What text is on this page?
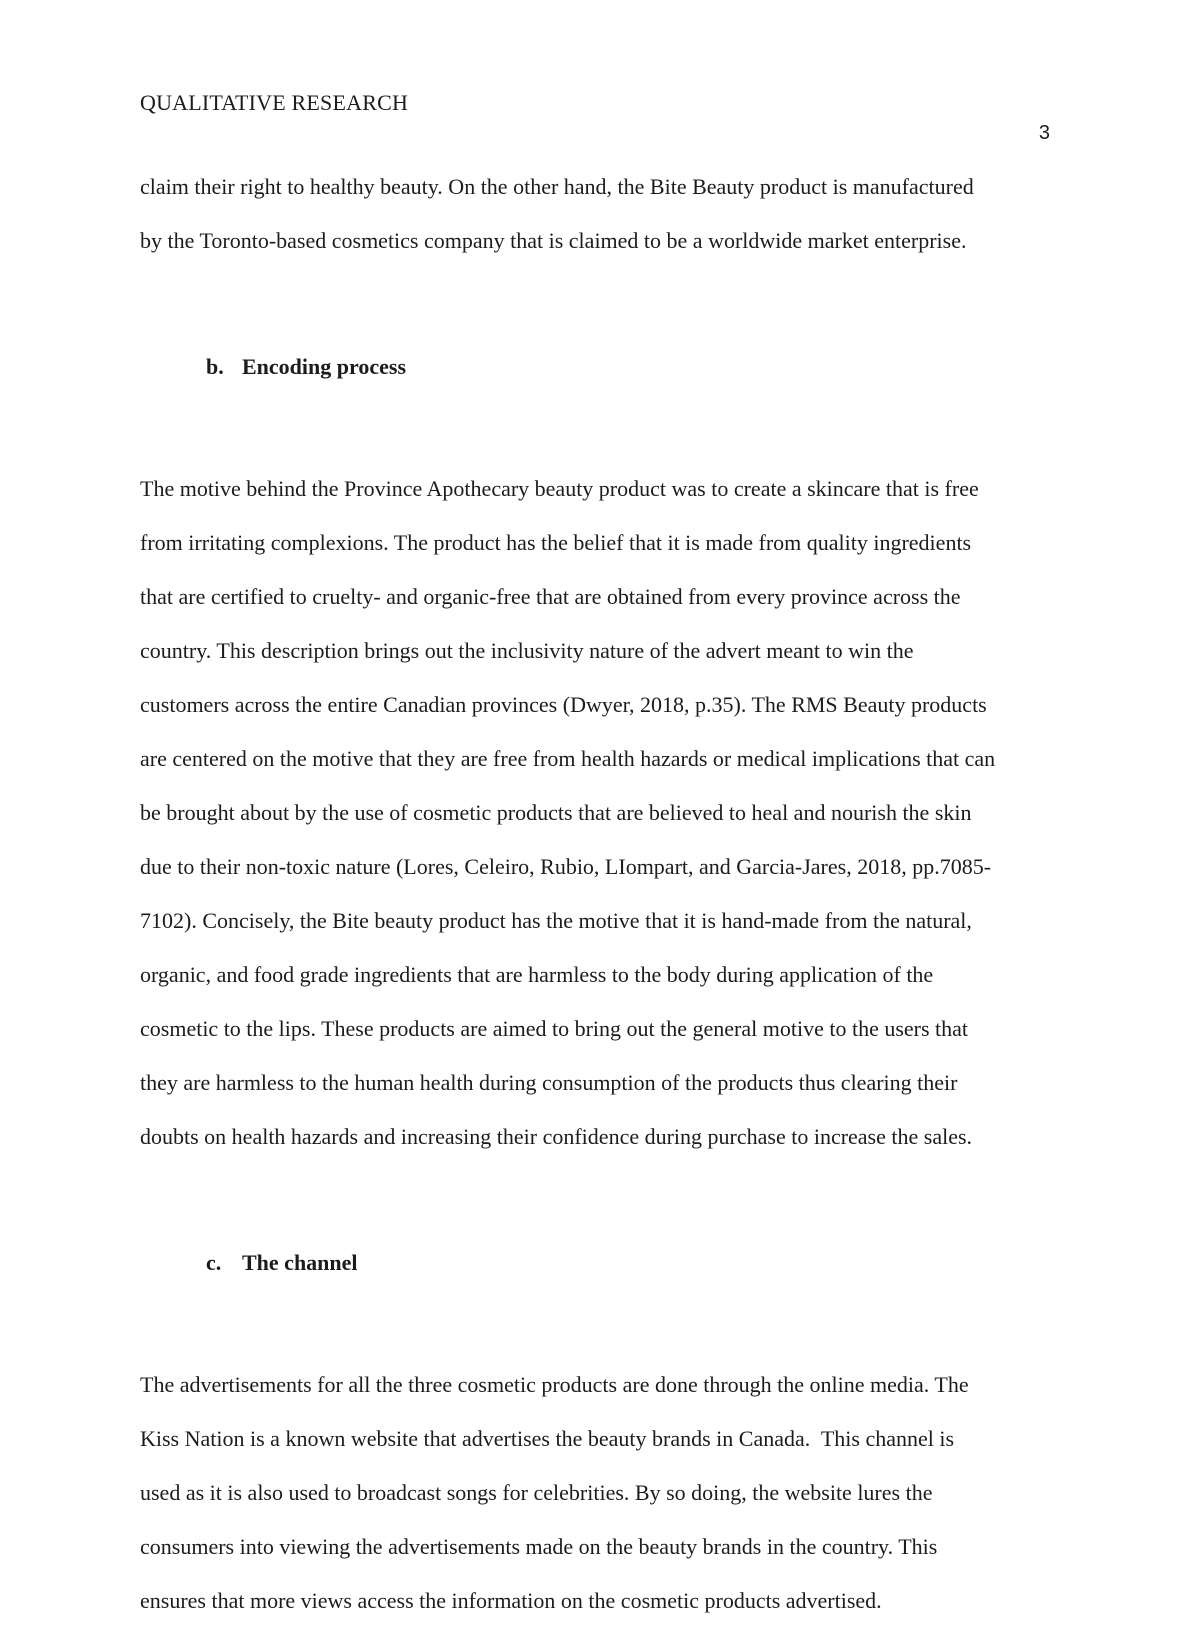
QUALITATIVE RESEARCH
3
claim their right to healthy beauty. On the other hand, the Bite Beauty product is manufactured
by the Toronto-based cosmetics company that is claimed to be a worldwide market enterprise.

b. Encoding process

The motive behind the Province Apothecary beauty product was to create a skincare that is free
from irritating complexions. The product has the belief that it is made from quality ingredients
that are certified to cruelty- and organic-free that are obtained from every province across the
country. This description brings out the inclusivity nature of the advert meant to win the
customers across the entire Canadian provinces (Dwyer, 2018, p.35). The RMS Beauty products
are centered on the motive that they are free from health hazards or medical implications that can
be brought about by the use of cosmetic products that are believed to heal and nourish the skin
due to their non-toxic nature (Lores, Celeiro, Rubio, LIompart, and Garcia-Jares, 2018, pp.7085-
7102). Concisely, the Bite beauty product has the motive that it is hand-made from the natural,
organic, and food grade ingredients that are harmless to the body during application of the
cosmetic to the lips. These products are aimed to bring out the general motive to the users that
they are harmless to the human health during consumption of the products thus clearing their
doubts on health hazards and increasing their confidence during purchase to increase the sales.

c. The channel

The advertisements for all the three cosmetic products are done through the online media. The
Kiss Nation is a known website that advertises the beauty brands in Canada.  This channel is
used as it is also used to broadcast songs for celebrities. By so doing, the website lures the
consumers into viewing the advertisements made on the beauty brands in the country. This
ensures that more views access the information on the cosmetic products advertised.
